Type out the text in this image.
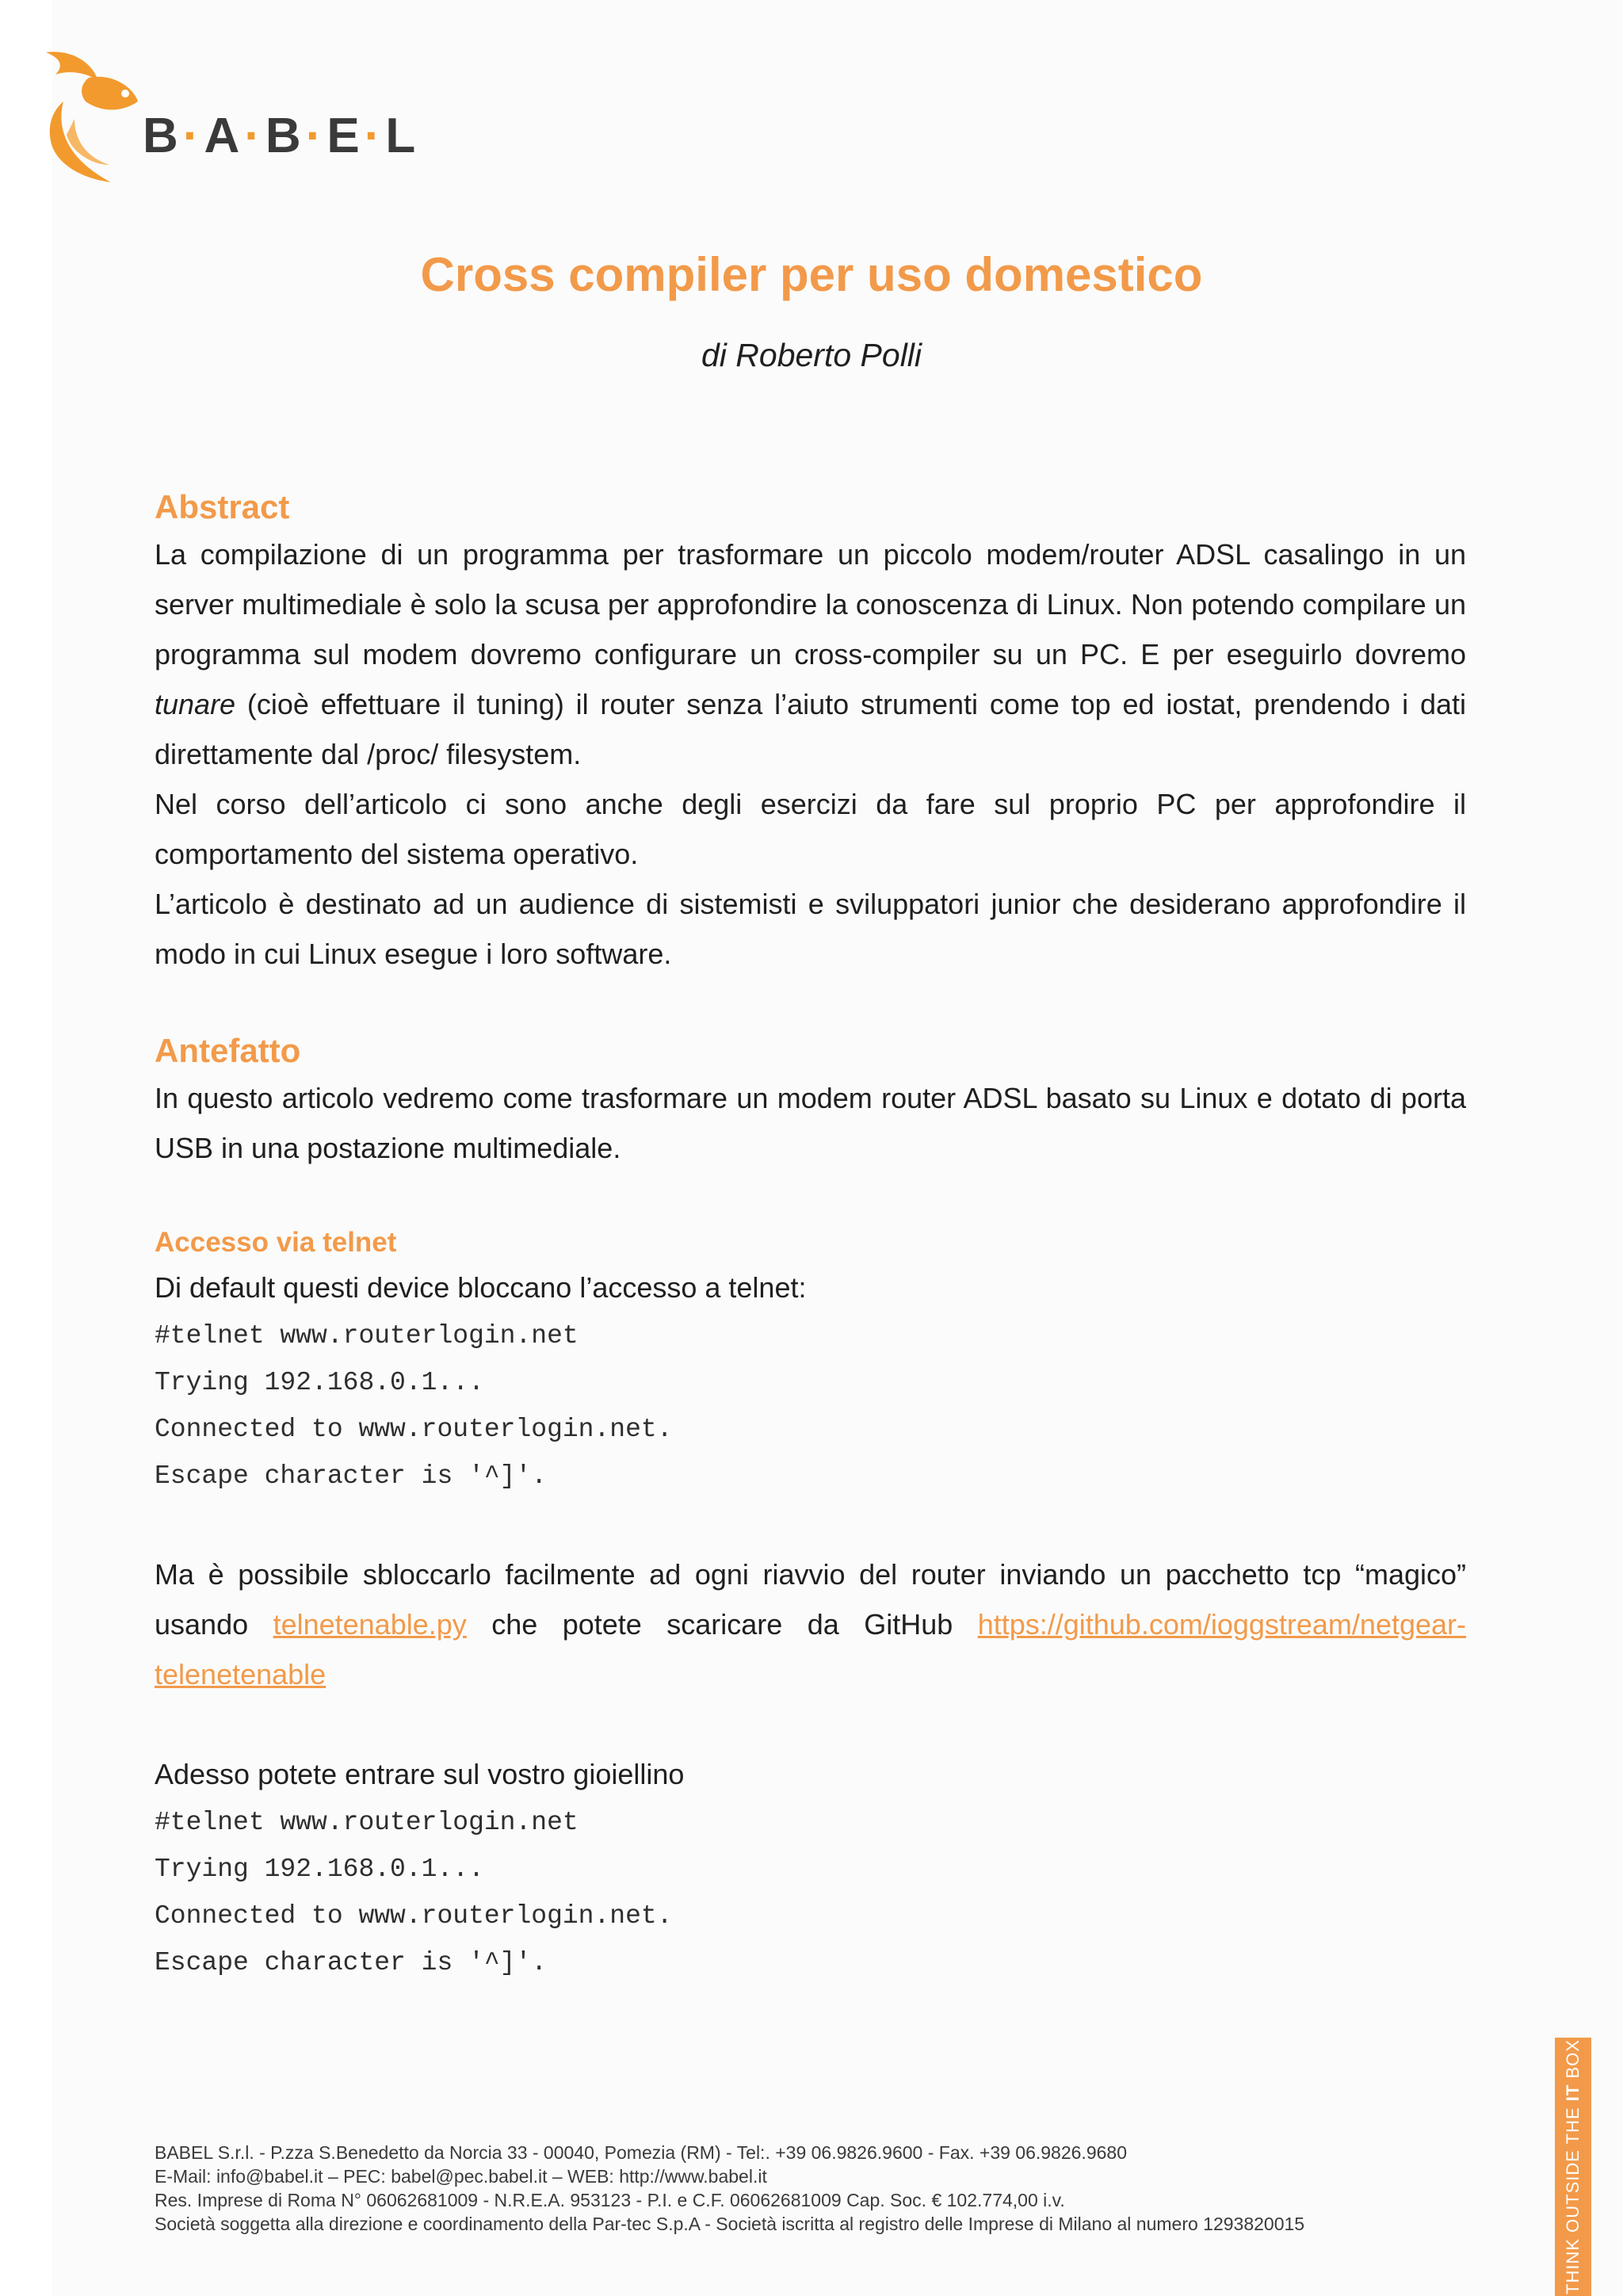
B·A·B·E·L
Cross compiler per uso domestico
di Roberto Polli
Abstract
La compilazione di un programma per trasformare un piccolo modem/router ADSL casalingo in un server multimediale è solo la scusa per approfondire la conoscenza di Linux. Non potendo compilare un programma sul modem dovremo configurare un cross-compiler su un PC. E per eseguirlo dovremo tunare (cioè effettuare il tuning) il router senza l’aiuto strumenti come top ed iostat, prendendo i dati direttamente dal /proc/ filesystem.
Nel corso dell’articolo ci sono anche degli esercizi da fare sul proprio PC per approfondire il comportamento del sistema operativo.
L’articolo è destinato ad un audience di sistemisti e sviluppatori junior che desiderano approfondire il modo in cui Linux esegue i loro software.
Antefatto
In questo articolo vedremo come trasformare un modem router ADSL basato su Linux e dotato di porta USB in una postazione multimediale.
Accesso via telnet
Di default questi device bloccano l’accesso a telnet:
#telnet www.routerlogin.net
Trying 192.168.0.1...
Connected to www.routerlogin.net.
Escape character is '^]'.
Ma è possibile sbloccarlo facilmente ad ogni riavvio del router inviando un pacchetto tcp “magico” usando telnetenable.py che potete scaricare da GitHub https://github.com/ioggstream/netgear-telenetenable
Adesso potete entrare sul vostro gioiellino
#telnet www.routerlogin.net
Trying 192.168.0.1...
Connected to www.routerlogin.net.
Escape character is '^]'.
BABEL S.r.l. - P.zza S.Benedetto da Norcia 33 - 00040, Pomezia (RM) - Tel:. +39 06.9826.9600 - Fax. +39 06.9826.9680
E-Mail: info@babel.it – PEC: babel@pec.babel.it – WEB: http://www.babel.it
Res. Imprese di Roma N° 06062681009 - N.R.E.A. 953123 - P.I. e C.F. 06062681009 Cap. Soc. € 102.774,00 i.v.
Società soggetta alla direzione e coordinamento della Par-tec S.p.A - Società iscritta al registro delle Imprese di Milano al numero 1293820015	THINK OUTSIDE THE IT BOX
